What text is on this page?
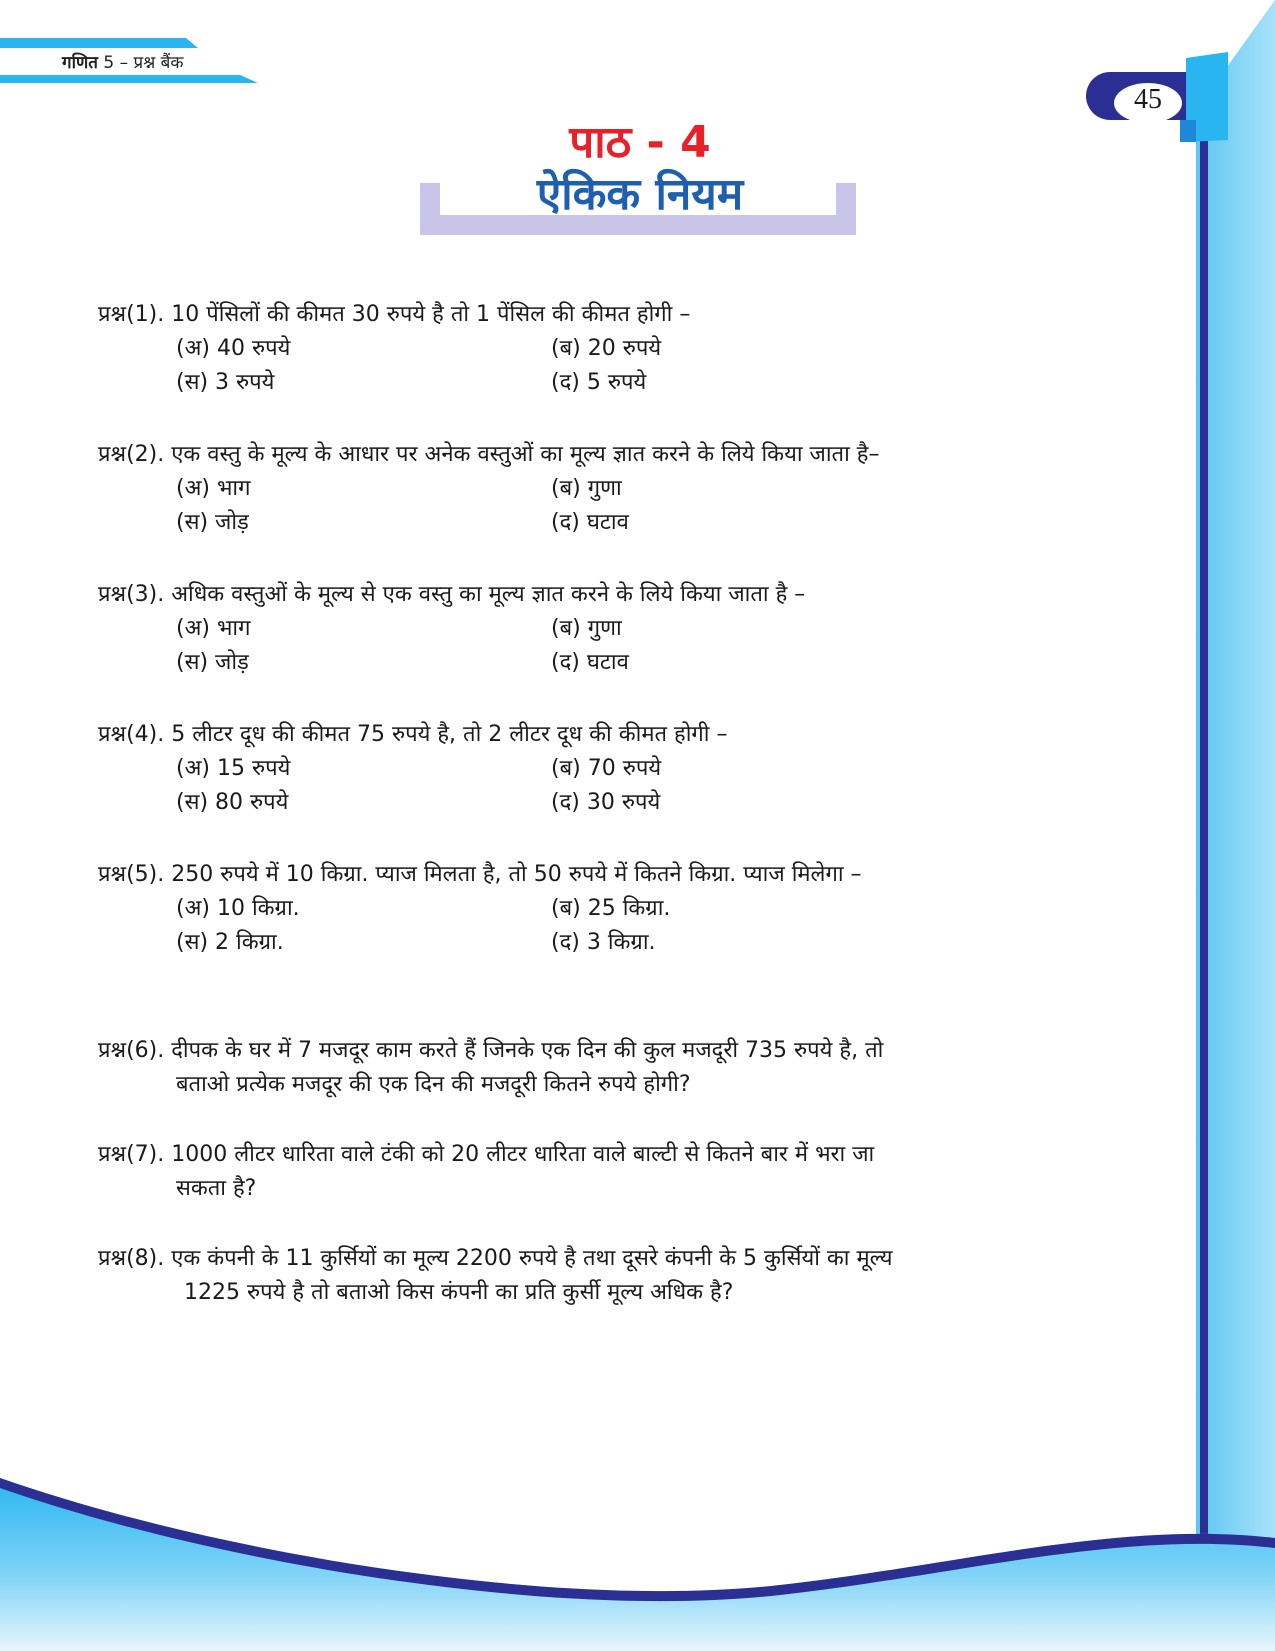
गणित 5 – प्रश्न बैंक
45
पाठ - 4
ऐकिक नियम
प्रश्न(1). 10 पेंसिलों की कीमत 30 रुपये है तो 1 पेंसिल की कीमत होगी –
(अ) 40 रुपये	(ब) 20 रुपये
(स) 3 रुपये	(द) 5 रुपये
प्रश्न(2). एक वस्तु के मूल्य के आधार पर अनेक वस्तुओं का मूल्य ज्ञात करने के लिये किया जाता है–
(अ) भाग	(ब) गुणा
(स) जोड़	(द) घटाव
प्रश्न(3). अधिक वस्तुओं के मूल्य से एक वस्तु का मूल्य ज्ञात करने के लिये किया जाता है –
(अ) भाग	(ब) गुणा
(स) जोड़	(द) घटाव
प्रश्न(4). 5 लीटर दूध की कीमत 75 रुपये है, तो 2 लीटर दूध की कीमत होगी –
(अ) 15 रुपये	(ब) 70 रुपये
(स) 80 रुपये	(द) 30 रुपये
प्रश्न(5). 250 रुपये में 10 किग्रा. प्याज मिलता है, तो 50 रुपये में कितने किग्रा. प्याज मिलेगा –
(अ) 10 किग्रा.	(ब) 25 किग्रा.
(स) 2 किग्रा.	(द) 3 किग्रा.
प्रश्न(6). दीपक के घर में 7 मजदूर काम करते हैं जिनके एक दिन की कुल मजदूरी 735 रुपये है, तो
बताओ प्रत्येक मजदूर की एक दिन की मजदूरी कितने रुपये होगी?
प्रश्न(7). 1000 लीटर धारिता वाले टंकी को 20 लीटर धारिता वाले बाल्टी से कितने बार में भरा जा
सकता है?
प्रश्न(8). एक कंपनी के 11 कुर्सियों का मूल्य 2200 रुपये है तथा दूसरे कंपनी के 5 कुर्सियों का मूल्य
1225 रुपये है तो बताओ किस कंपनी का प्रति कुर्सी मूल्य अधिक है?
